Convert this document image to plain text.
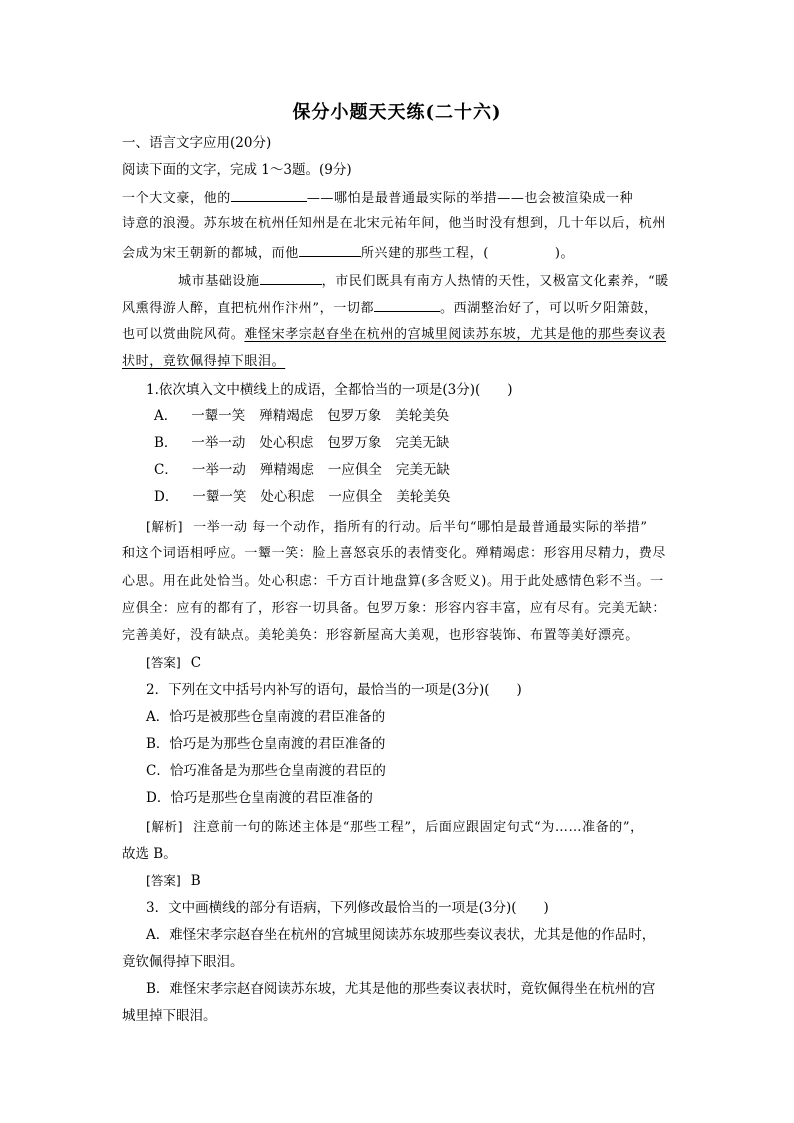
保分小题天天练(二十六)
一、语言文字应用(20分)
阅读下面的文字，完成 1～3题。(9分)
一个大文豪，他的	——哪怕是最普通最实际的举措——也会被渲染成一种
诗意的浪漫。苏东坡在杭州任知州是在北宋元祐年间，他当时没有想到，几十年以后，杭州
会成为宋王朝新的都城，而他	所兴建的那些工程，(	)。
城市基础设施	，市民们既具有南方人热情的天性，又极富文化素养，“暖
风熏得游人醉，直把杭州作汴州”，一切都	。西湖整治好了，可以听夕阳箫鼓，
也可以赏曲院风荷。难怪宋孝宗赵昚坐在杭州的宫城里阅读苏东坡，尤其是他的那些奏议表
状时，竟钦佩得掉下眼泪。
1.依次填入文中横线上的成语，全都恰当的一项是(3分)(　　)
A． 一颦一笑 殚精竭虑 包罗万象 美轮美奂
B． 一举一动 处心积虑 包罗万象 完美无缺
C． 一举一动 殚精竭虑 一应俱全 完美无缺
D． 一颦一笑 处心积虑 一应俱全 美轮美奂
[解析] 一举一动 每一个动作，指所有的行动。后半句“哪怕是最普通最实际的举措”
和这个词语相呼应。一颦一笑：脸上喜怒哀乐的表情变化。殚精竭虑：形容用尽精力，费尽
心思。用在此处恰当。处心积虑：千方百计地盘算(多含贬义)。用于此处感情色彩不当。一
应俱全：应有的都有了，形容一切具备。包罗万象：形容内容丰富，应有尽有。完美无缺：
完善美好，没有缺点。美轮美奂：形容新屋高大美观，也形容装饰、布置等美好漂亮。
[答案] C
2．下列在文中括号内补写的语句，最恰当的一项是(3分)(　　)
A．恰巧是被那些仓皇南渡的君臣准备的
B．恰巧是为那些仓皇南渡的君臣准备的
C．恰巧准备是为那些仓皇南渡的君臣的
D．恰巧是那些仓皇南渡的君臣准备的
[解析] 注意前一句的陈述主体是“那些工程”，后面应跟固定句式“为……准备的”，
故选 B。
[答案] B
3．文中画横线的部分有语病，下列修改最恰当的一项是(3分)(　　)
A．难怪宋孝宗赵昚坐在杭州的宫城里阅读苏东坡那些奏议表状，尤其是他的作品时，
竟钦佩得掉下眼泪。
B．难怪宋孝宗赵昚阅读苏东坡，尤其是他的那些奏议表状时，竟钦佩得坐在杭州的宫
城里掉下眼泪。
